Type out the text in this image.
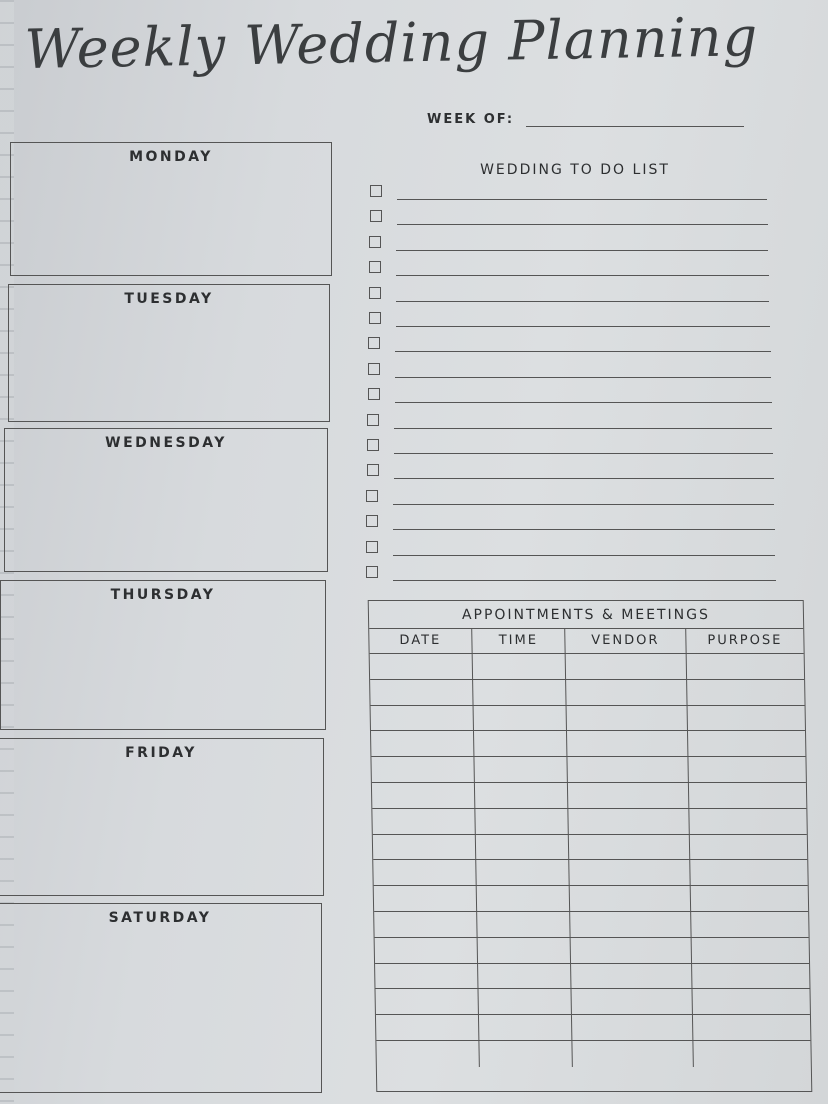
Weekly Wedding Planning
WEEK OF:
MONDAY
TUESDAY
WEDNESDAY
THURSDAY
FRIDAY
SATURDAY
WEDDING TO DO LIST
APPOINTMENTS & MEETINGS
DATE	TIME	VENDOR	PURPOSE
